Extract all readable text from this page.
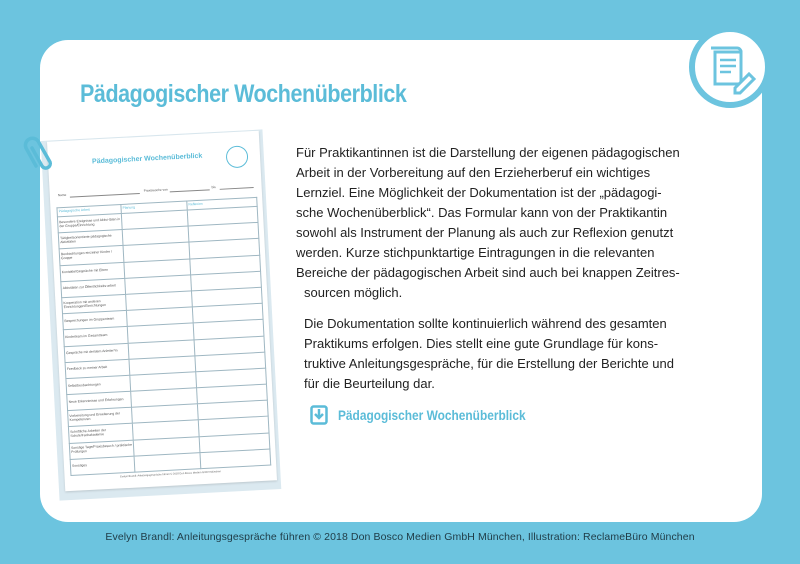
Pädagogischer Wochenüberblick
Pädagogischer Wochenüberblick
Name
Praxiswoche von
bis
Pädagogische Arbeit	Planung	Reflexion
Besondere Ereignisse und Aktivi-täten in der Gruppe/Einrichtung		
Tätigkeitsorientierte pädagogische Aktivitäten		
Beobachtungen einzelner Kinder / Gruppe		
Kontakte/Gespräche mit Eltern		
Aktivitäten zur Öffentlichkeits-arbeit		
Kooperation mit anderen Einrichtungen/Einrichtungen		
Besprechungen im Gruppenteam		
Kinderteam im Gesamtteam		
Gespräche mit der/dem Anleiter*in		
Feedback zu meiner Arbeit		
Selbstbeobachtungen		
Neue Erkenntnisse und Erfahrungen		
Vorbereitung und Erweiterung der Kompetenzen		
Schriftliche Arbeiten der Schule/Fachakademie		
Sonstige Tage/Praxisbesuch / praktische Prüfungen		
Sonstiges		
Evelyn Brandl: Anleitungsgespräche führen © 2018 Don Bosco Medien GmbH München
Für Praktikantinnen ist die Darstellung der eigenen pädagogischen
Arbeit in der Vorbereitung auf den Erzieherberuf ein wichtiges
Lernziel. Eine Möglichkeit der Dokumentation ist der „pädagogi-
sche Wochenüberblick“. Das Formular kann von der Praktikantin
sowohl als Instrument der Planung als auch zur Reflexion genutzt
werden. Kurze stichpunktartige Eintragungen in die relevanten
Bereiche der pädagogischen Arbeit sind auch bei knappen Zeitres-
sourcen möglich.
Die Dokumentation sollte kontinuierlich während des gesamten
Praktikums erfolgen. Dies stellt eine gute Grundlage für kons-
truktive Anleitungsgespräche, für die Erstellung der Berichte und
für die Beurteilung dar.
Pädagogischer Wochenüberblick
Evelyn Brandl: Anleitungsgespräche führen © 2018 Don Bosco Medien GmbH München, Illustration: ReclameBüro München
